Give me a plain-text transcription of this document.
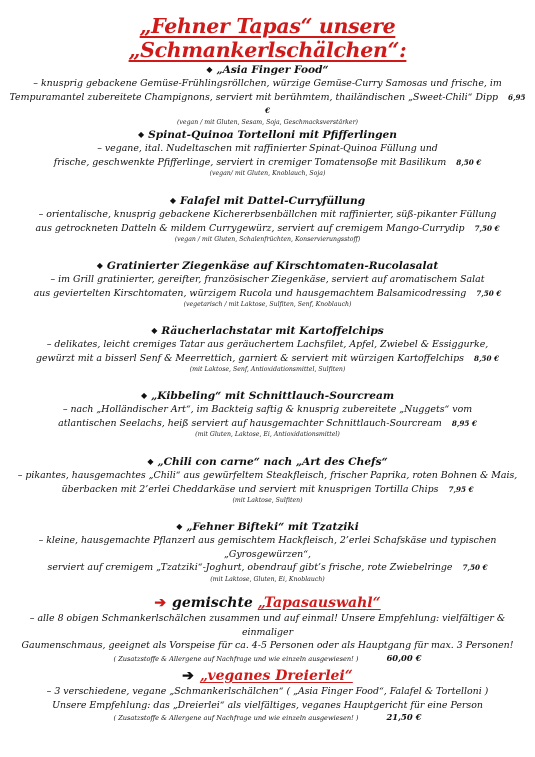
„Fehner Tapas“ unsere „Schmankerlschälchen“:
◆ „Asia Finger Food“
– knusprig gebackene Gemüse-Frühlingsröllchen, würzige Gemüse-Curry Samosas und frische, im
Tempuramantel zubereitete Champignons, serviert mit berühmtem, thailändischen „Sweet-Chili“ Dipp 6,95 €
(vegan / mit Gluten, Sesam, Soja, Geschmacksverstärker)
◆ Spinat-Quinoa Tortelloni mit Pfifferlingen
– vegane, ital. Nudeltaschen mit raffinierter Spinat-Quinoa Füllung und
frische, geschwenkte Pfifferlinge, serviert in cremiger Tomatensoße mit Basilikum 8,50 €
(vegan/ mit Gluten, Knoblauch, Soja)
◆ Falafel mit Dattel-Curryfüllung
– orientalische, knusprig gebackene Kichererbsenbällchen mit raffinierter, süß-pikanter Füllung
aus getrockneten Datteln & mildem Currygewürz, serviert auf cremigem Mango-Currydip 7,50 €
(vegan / mit Gluten, Schalenfrüchten, Konservierungsstoff)
◆ Gratinierter Ziegenkäse auf Kirschtomaten-Rucolasalat
– im Grill gratinierter, gereifter, französischer Ziegenkäse, serviert auf aromatischem Salat
aus geviertelten Kirschtomaten, würzigem Rucola und hausgemachtem Balsamicodressing 7,50 €
(vegetarisch / mit Laktose, Sulfiten, Senf, Knoblauch)
◆ Räucherlachstatar mit Kartoffelchips
– delikates, leicht cremiges Tatar aus geräuchertem Lachsfilet, Apfel, Zwiebel & Essiggurke,
gewürzt mit a bisserl Senf & Meerrettich, garniert & serviert mit würzigen Kartoffelchips 8,50 €
(mit Laktose, Senf, Antioxidationsmittel, Sulfiten)
◆ „Kibbeling“ mit Schnittlauch-Sourcream
– nach „Holländischer Art“, im Backteig saftig & knusprig zubereitete „Nuggets“ vom
atlantischen Seelachs, heiß serviert auf hausgemachter Schnittlauch-Sourcream 8,95 €
(mit Gluten, Laktose, Ei, Antioxidationsmittel)
◆ „Chili con carne“ nach „Art des Chefs“
– pikantes, hausgemachtes „Chili“ aus gewürfeltem Steakfleisch, frischer Paprika, roten Bohnen & Mais,
überbacken mit 2’erlei Cheddarkäse und serviert mit knusprigen Tortilla Chips 7,95 €
(mit Laktose, Sulfiten)
◆ „Fehner Bifteki“ mit Tzatziki
– kleine, hausgemachte Pflanzerl aus gemischtem Hackfleisch, 2’erlei Schafskäse und typischen „Gyrosgewürzen“,
serviert auf cremigem „Tzatziki“-Joghurt, obendrauf gibt’s frische, rote Zwiebelringe 7,50 €
(mit Laktose, Gluten, Ei, Knoblauch)
➔ gemischte „Tapasauswahl“
– alle 8 obigen Schmankerlschälchen zusammen und auf einmal! Unsere Empfehlung: vielfältiger & einmaliger
Gaumenschmaus, geeignet als Vorspeise für ca. 4-5 Personen oder als Hauptgang für max. 3 Personen!
( Zusatzstoffe & Allergene auf Nachfrage und wie einzeln ausgewiesen! )	60,00 €
➔ „veganes Dreierlei“
– 3 verschiedene, vegane „Schmankerlschälchen“ ( „Asia Finger Food“, Falafel & Tortelloni )
Unsere Empfehlung: das „Dreierlei“ als vielfältiges, veganes Hauptgericht für eine Person
( Zusatzstoffe & Allergene auf Nachfrage und wie einzeln ausgewiesen! )	21,50 €
